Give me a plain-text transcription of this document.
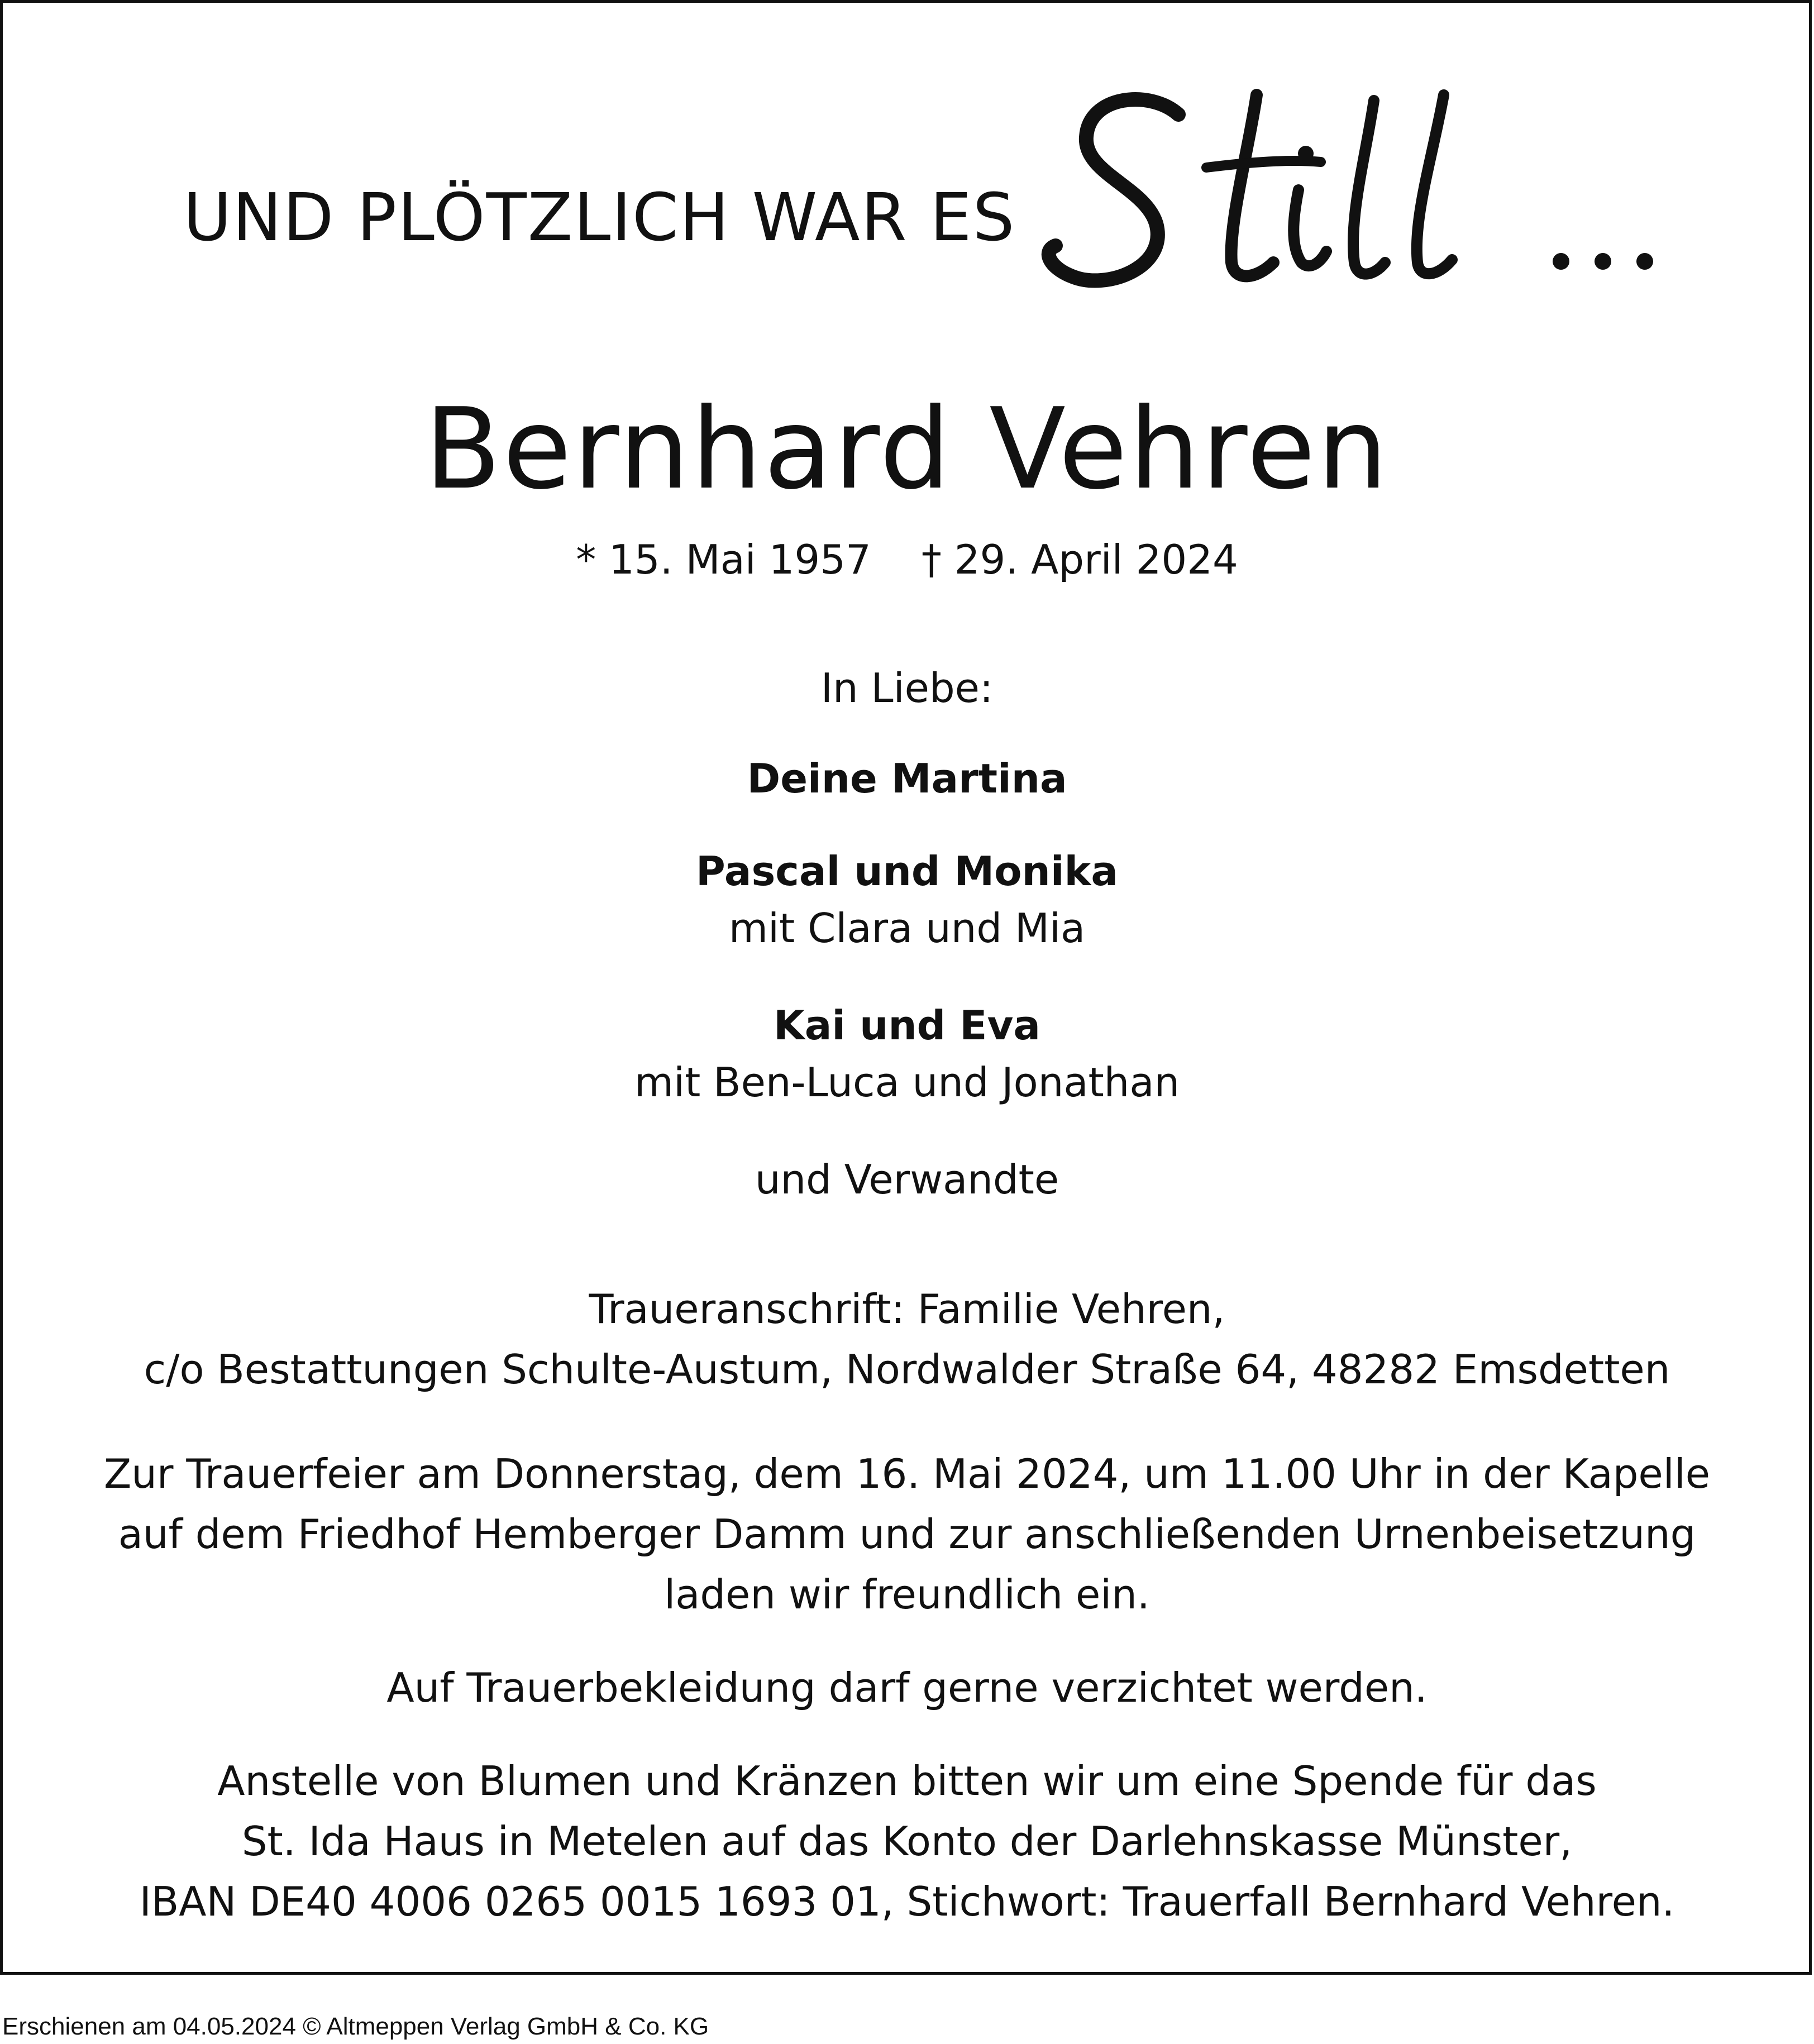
UND PLÖTZLICH WAR ES
Bernhard Vehren
* 15. Mai 1957 † 29. April 2024

In Liebe:

Deine Martina

Pascal und Monika

mit Clara und Mia

Kai und Eva

mit Ben-Luca und Jonathan

und Verwandte

Traueranschrift: Familie Vehren,

c/o Bestattungen Schulte-Austum, Nordwalder Straße 64, 48282 Emsdetten

Zur Trauerfeier am Donnerstag, dem 16. Mai 2024, um 11.00 Uhr in der Kapelle

auf dem Friedhof Hemberger Damm und zur anschließenden Urnenbeisetzung

laden wir freundlich ein.

Auf Trauerbekleidung darf gerne verzichtet werden.

Anstelle von Blumen und Kränzen bitten wir um eine Spende für das

St. Ida Haus in Metelen auf das Konto der Darlehnskasse Münster,

IBAN DE40 4006 0265 0015 1693 01, Stichwort: Trauerfall Bernhard Vehren.

Erschienen am 04.05.2024 © Altmeppen Verlag GmbH & Co. KG
